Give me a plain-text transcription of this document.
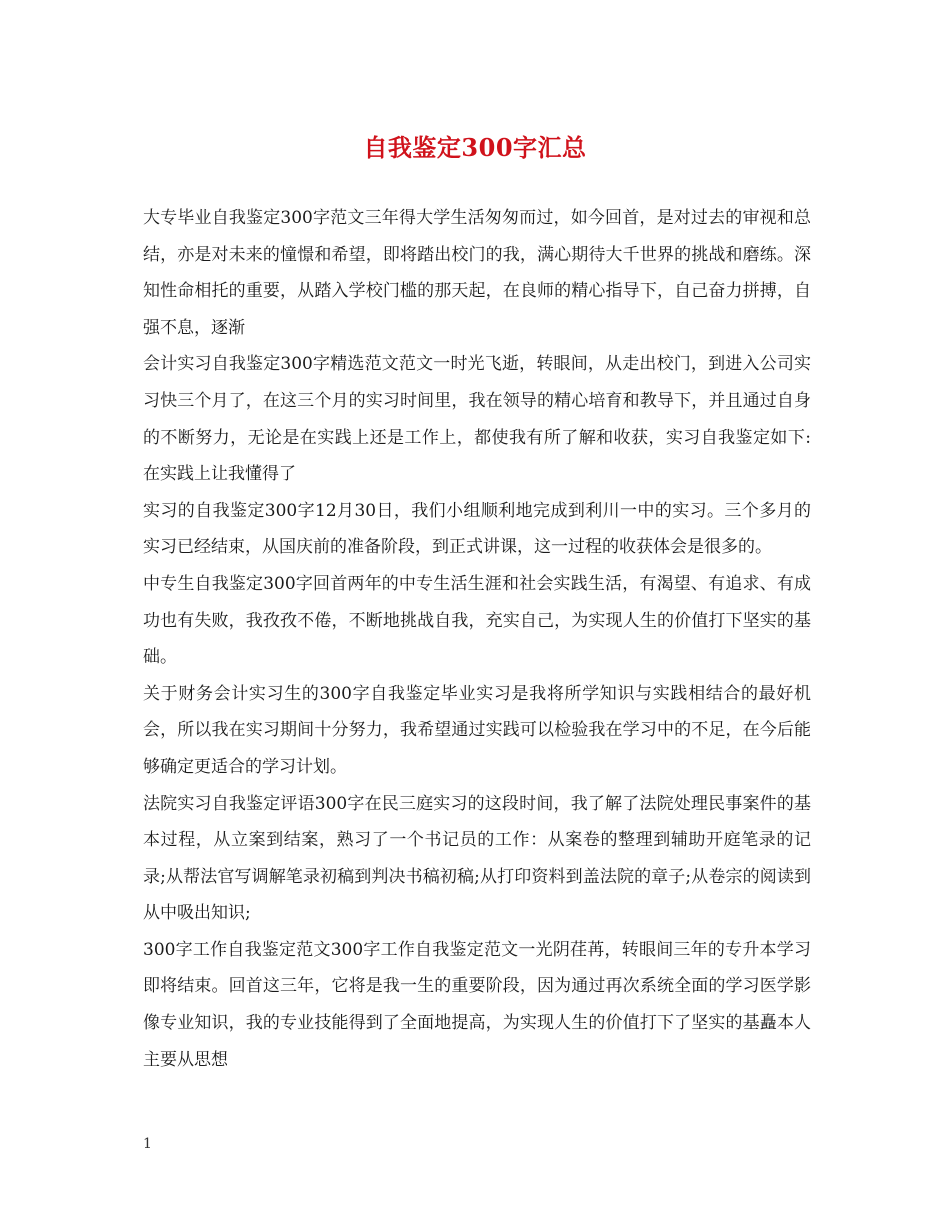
自我鉴定300字汇总

大专毕业自我鉴定300字范文三年得大学生活匆匆而过，如今回首，是对过去的审视和总结，亦是对未来的憧憬和希望，即将踏出校门的我，满心期待大千世界的挑战和磨练。深知性命相托的重要，从踏入学校门槛的那天起，在良师的精心指导下，自己奋力拼搏，自强不息，逐渐

会计实习自我鉴定300字精选范文范文一时光飞逝，转眼间，从走出校门，到进入公司实习快三个月了，在这三个月的实习时间里，我在领导的精心培育和教导下，并且通过自身的不断努力，无论是在实践上还是工作上，都使我有所了解和收获，实习自我鉴定如下:在实践上让我懂得了

实习的自我鉴定300字12月30日，我们小组顺利地完成到利川一中的实习。三个多月的实习已经结束，从国庆前的准备阶段，到正式讲课，这一过程的收获体会是很多的。

中专生自我鉴定300字回首两年的中专生活生涯和社会实践生活，有渴望、有追求、有成功也有失败，我孜孜不倦，不断地挑战自我，充实自己，为实现人生的价值打下坚实的基础。

关于财务会计实习生的300字自我鉴定毕业实习是我将所学知识与实践相结合的最好机会，所以我在实习期间十分努力，我希望通过实践可以检验我在学习中的不足，在今后能够确定更适合的学习计划。

法院实习自我鉴定评语300字在民三庭实习的这段时间，我了解了法院处理民事案件的基本过程，从立案到结案，熟习了一个书记员的工作：从案卷的整理到辅助开庭笔录的记录;从帮法官写调解笔录初稿到判决书稿初稿;从打印资料到盖法院的章子;从卷宗的阅读到从中吸出知识;

300字工作自我鉴定范文300字工作自我鉴定范文一光阴荏苒，转眼间三年的专升本学习即将结束。回首这三年，它将是我一生的重要阶段，因为通过再次系统全面的学习医学影像专业知识，我的专业技能得到了全面地提高，为实现人生的价值打下了坚实的基矗本人主要从思想

1
